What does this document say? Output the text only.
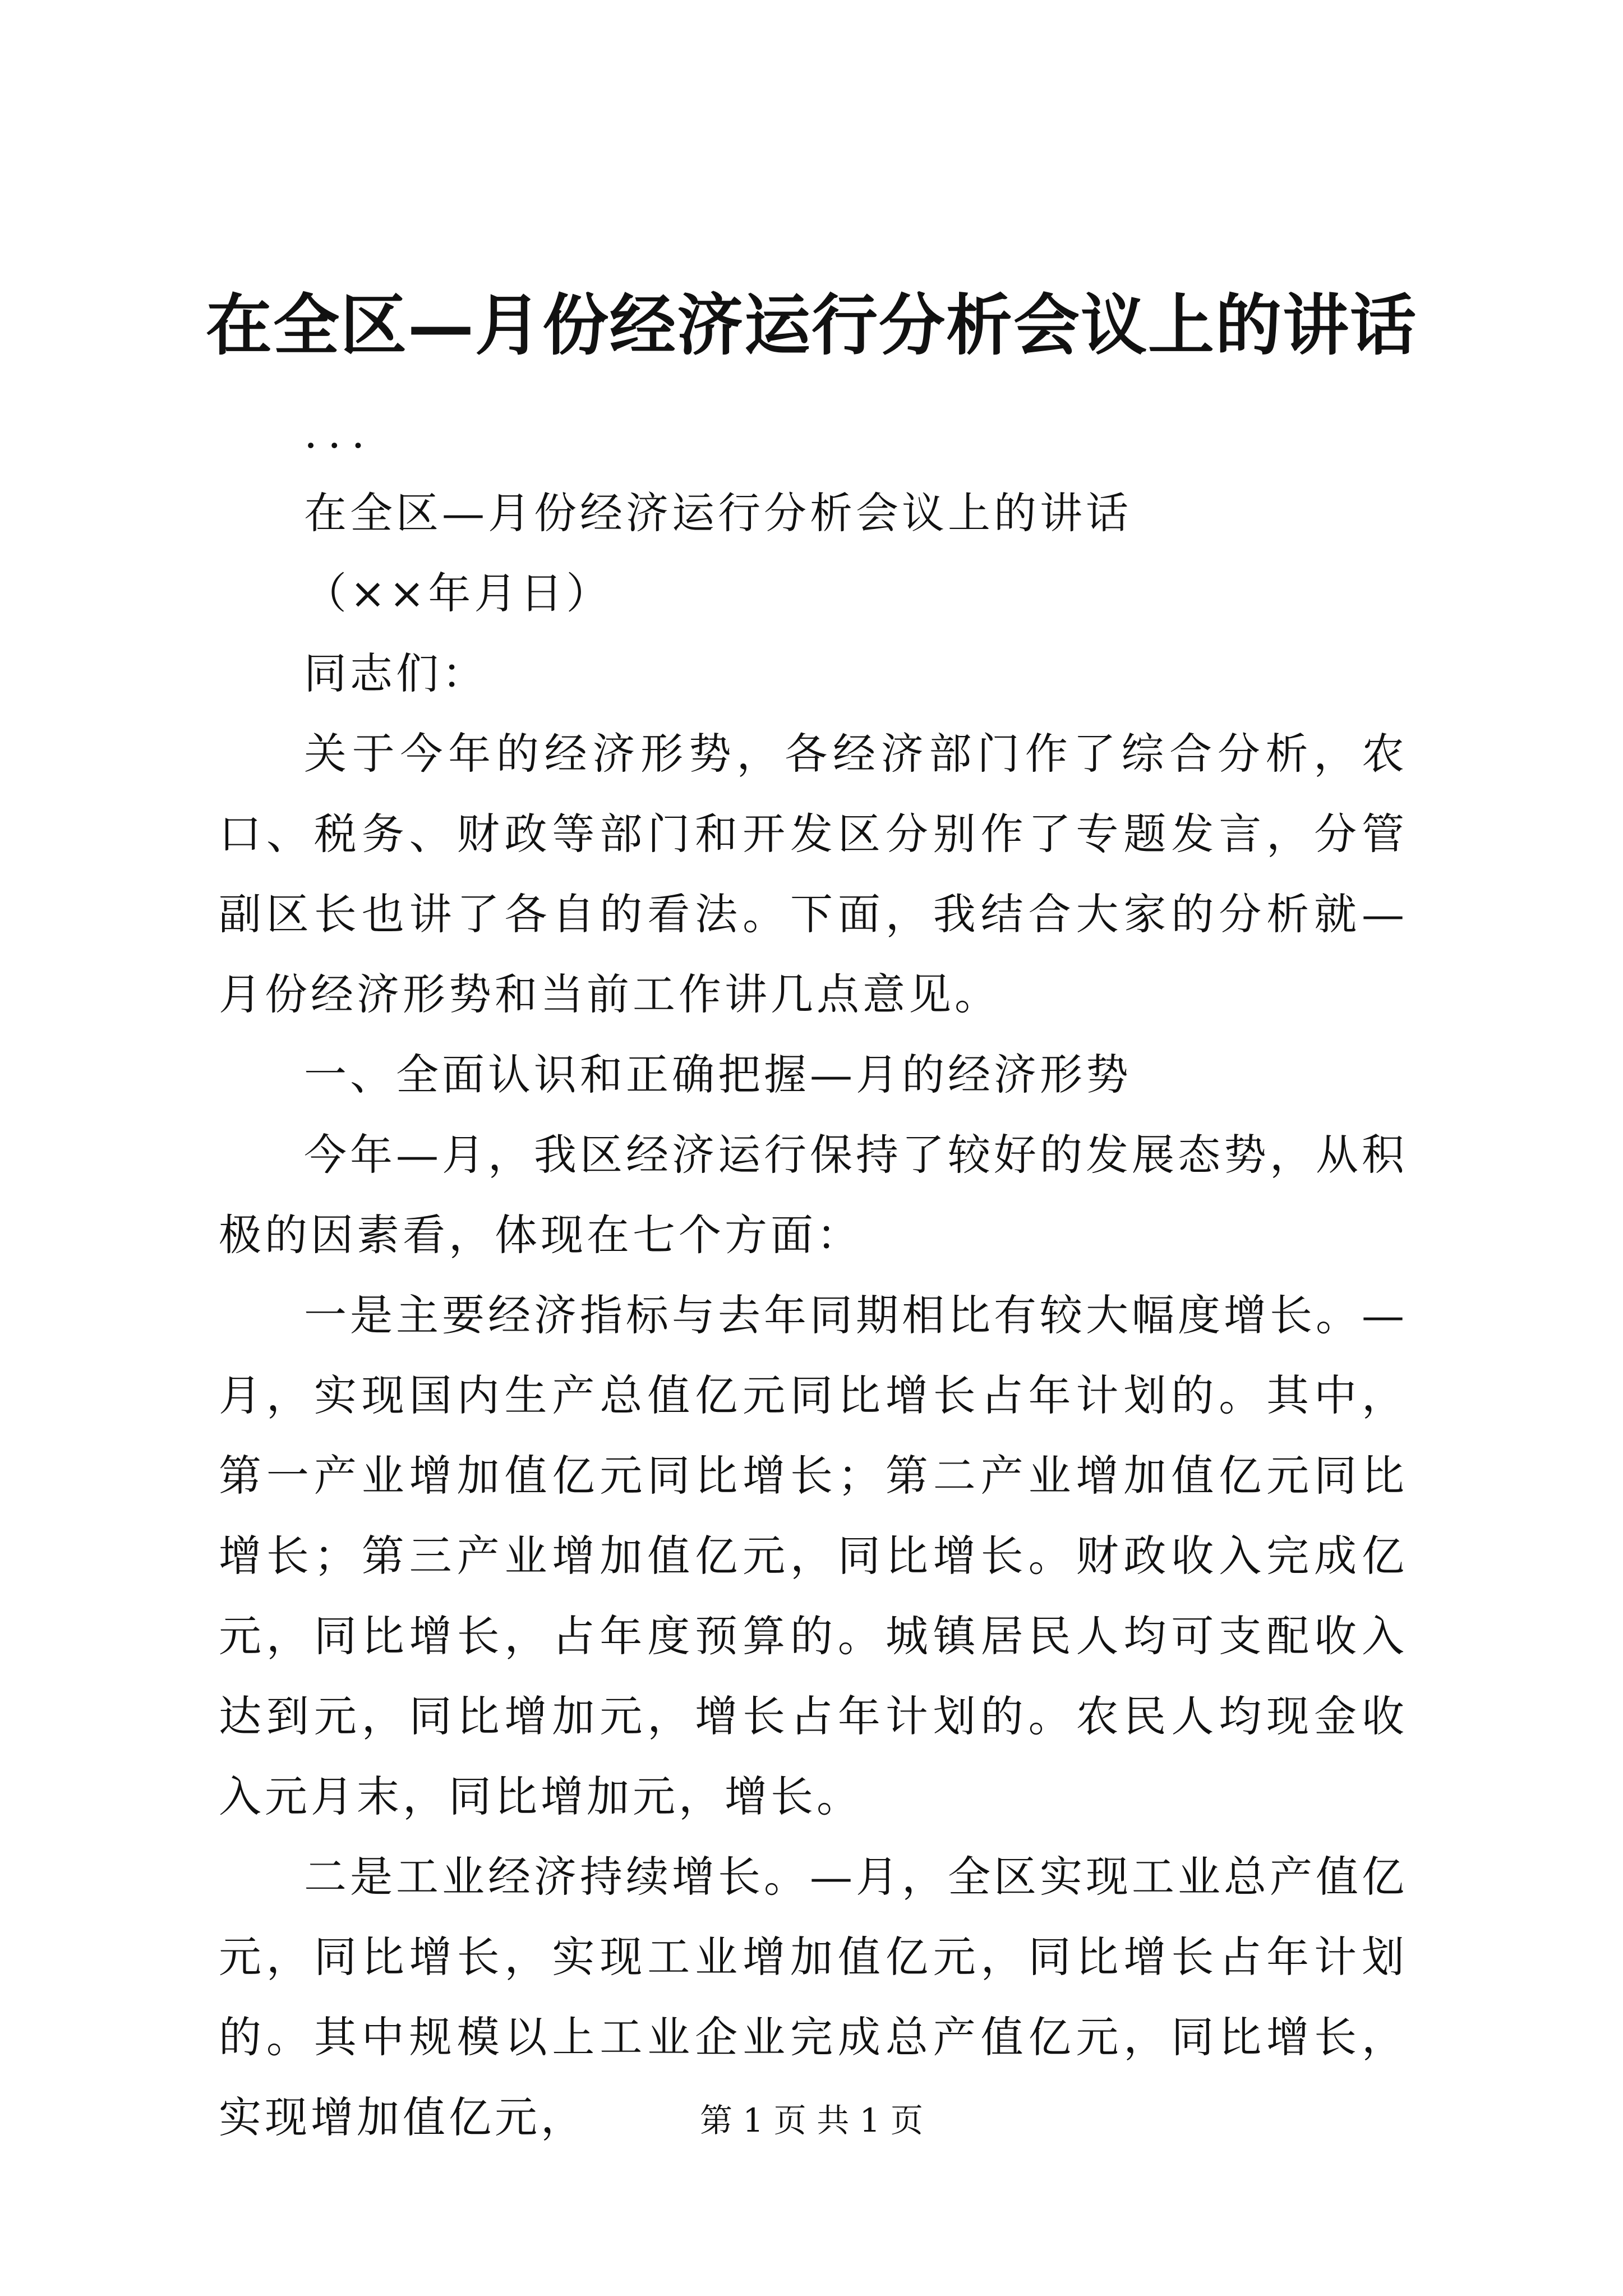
在全区—月份经济运行分析会议上的讲话

...

在全区—月份经济运行分析会议上的讲话

（××年月日）

同志们：

关于今年的经济形势，各经济部门作了综合分析，农口、税务、财政等部门和开发区分别作了专题发言，分管副区长也讲了各自的看法。下面，我结合大家的分析就—月份经济形势和当前工作讲几点意见。

一、全面认识和正确把握—月的经济形势

今年—月，我区经济运行保持了较好的发展态势，从积极的因素看，体现在七个方面：

一是主要经济指标与去年同期相比有较大幅度增长。—月，实现国内生产总值亿元同比增长占年计划的。其中，第一产业增加值亿元同比增长；第二产业增加值亿元同比增长；第三产业增加值亿元，同比增长。财政收入完成亿元，同比增长，占年度预算的。城镇居民人均可支配收入达到元，同比增加元，增长占年计划的。农民人均现金收入元月末，同比增加元，增长。

二是工业经济持续增长。—月，全区实现工业总产值亿元，同比增长，实现工业增加值亿元，同比增长占年计划的。其中规模以上工业企业完成总产值亿元，同比增长，实现增加值亿元，	第 1 页 共 1 页
